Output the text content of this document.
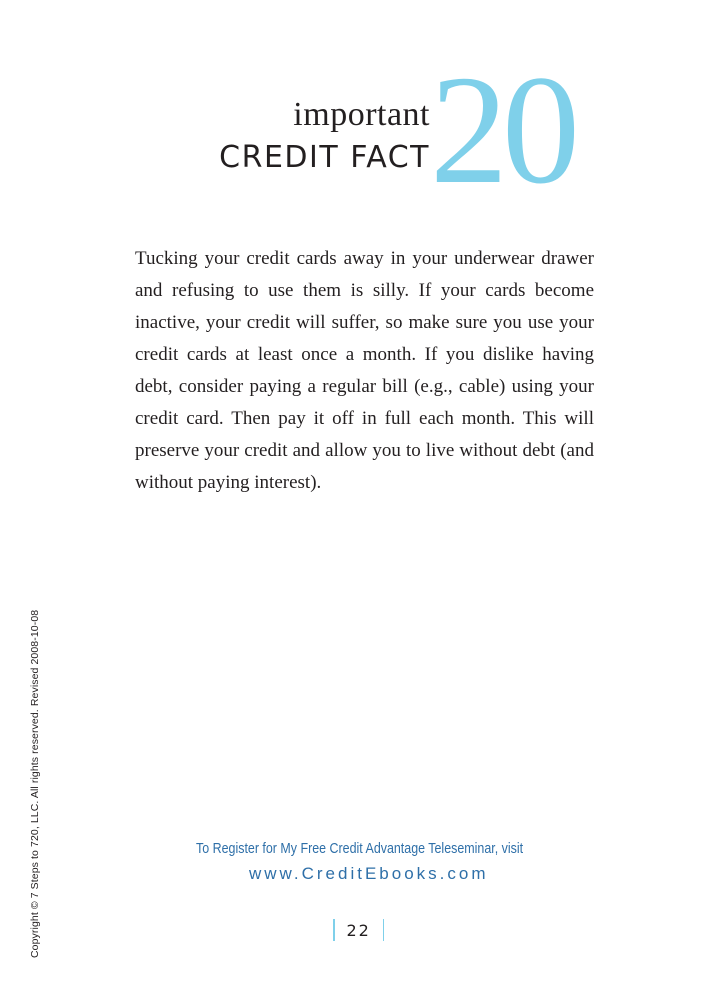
Copyright © 7 Steps to 720, LLC. All rights reserved. Revised 2008-10-08
important
CREDIT FACT 20

Tucking your credit cards away in your underwear drawer and refusing to use them is silly. If your cards become inactive, your credit will suffer, so make sure you use your credit cards at least once a month. If you dislike having debt, consider paying a regular bill (e.g., cable) using your credit card. Then pay it off in full each month. This will preserve your credit and allow you to live without debt (and without paying interest).

To Register for My Free Credit Advantage Teleseminar, visit
www.CreditEbooks.com
22
